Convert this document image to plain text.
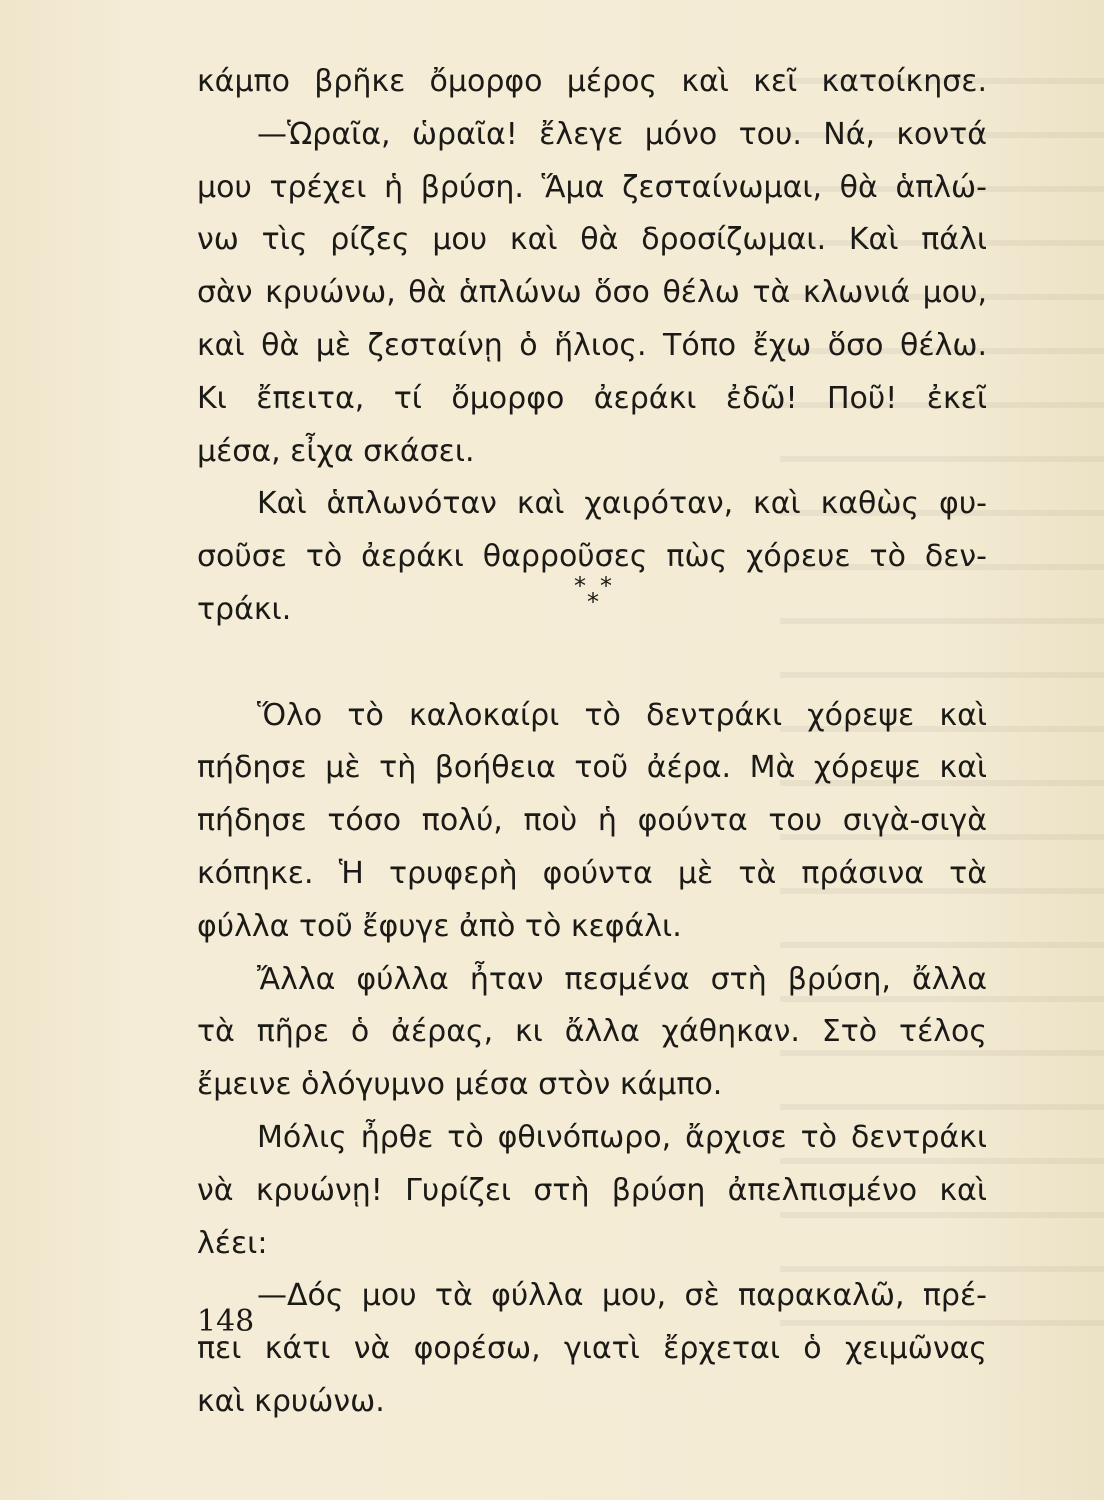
κάμπο βρῆκε ὄμορφο μέρος καὶ κεῖ κατοίκησε.
—Ὡραῖα, ὡραῖα! ἔλεγε μόνο του. Νά, κοντά
μου τρέχει ἡ βρύση. Ἅμα ζεσταίνωμαι, θὰ ἁπλώ-
νω τὶς ρίζες μου καὶ θὰ δροσίζωμαι. Καὶ πάλι
σὰν κρυώνω, θὰ ἁπλώνω ὅσο θέλω τὰ κλωνιά μου,
καὶ θὰ μὲ ζεσταίνῃ ὁ ἥλιος. Τόπο ἔχω ὅσο θέλω.
Κι ἔπειτα, τί ὄμορφο ἀεράκι ἐδῶ! Ποῦ! ἐκεῖ
μέσα, εἶχα σκάσει.
Καὶ ἁπλωνόταν καὶ χαιρόταν, καὶ καθὼς φυ-
σοῦσε τὸ ἀεράκι θαρροῦσες πὼς χόρευε τὸ δεν-
τράκι.
Ὅλο τὸ καλοκαίρι τὸ δεντράκι χόρεψε καὶ
πήδησε μὲ τὴ βοήθεια τοῦ ἀέρα. Μὰ χόρεψε καὶ
πήδησε τόσο πολύ, ποὺ ἡ φούντα του σιγὰ-σιγὰ
κόπηκε. Ἡ τρυφερὴ φούντα μὲ τὰ πράσινα τὰ
φύλλα τοῦ ἔφυγε ἀπὸ τὸ κεφάλι.
Ἄλλα φύλλα ἦταν πεσμένα στὴ βρύση, ἄλλα
τὰ πῆρε ὁ ἀέρας, κι ἄλλα χάθηκαν. Στὸ τέλος
ἔμεινε ὁλόγυμνο μέσα στὸν κάμπο.
Μόλις ἦρθε τὸ φθινόπωρο, ἄρχισε τὸ δεντράκι
νὰ κρυώνῃ! Γυρίζει στὴ βρύση ἀπελπισμένο καὶ
λέει:
—Δός μου τὰ φύλλα μου, σὲ παρακαλῶ, πρέ-
πει κάτι νὰ φορέσω, γιατὶ ἔρχεται ὁ χειμῶνας
καὶ κρυώνω.
* *
*
148
